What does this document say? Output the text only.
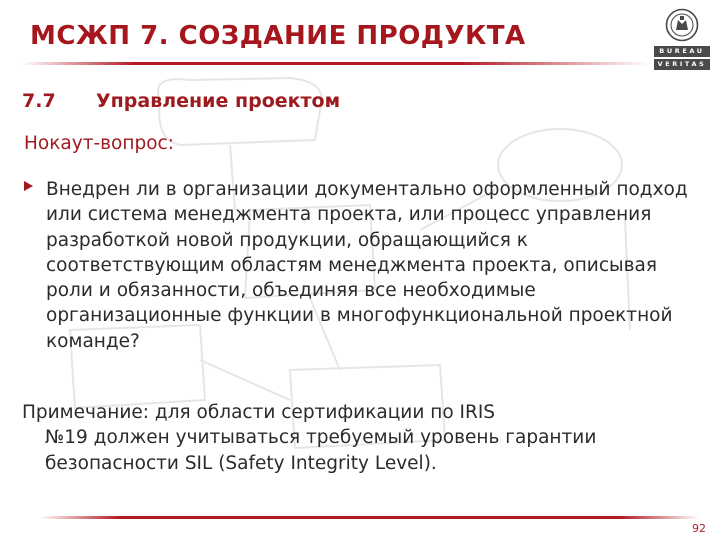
МСЖП 7. СОЗДАНИЕ ПРОДУКТА	BUREAU
VERITAS
7.7 Управление проектом
Нокаут-вопрос:
Внедрен ли в организации документально оформленный подход или система менеджмента проекта, или процесс управления разработкой новой продукции, обращающийся к соответствующим областям менеджмента проекта, описывая роли и обязанности, объединяя все необходимые организационные функции в многофункциональной проектной команде?
Примечание: для области сертификации по IRIS
№19 должен учитываться требуемый уровень гарантии безопасности SIL (Safety Integrity Level).
92
